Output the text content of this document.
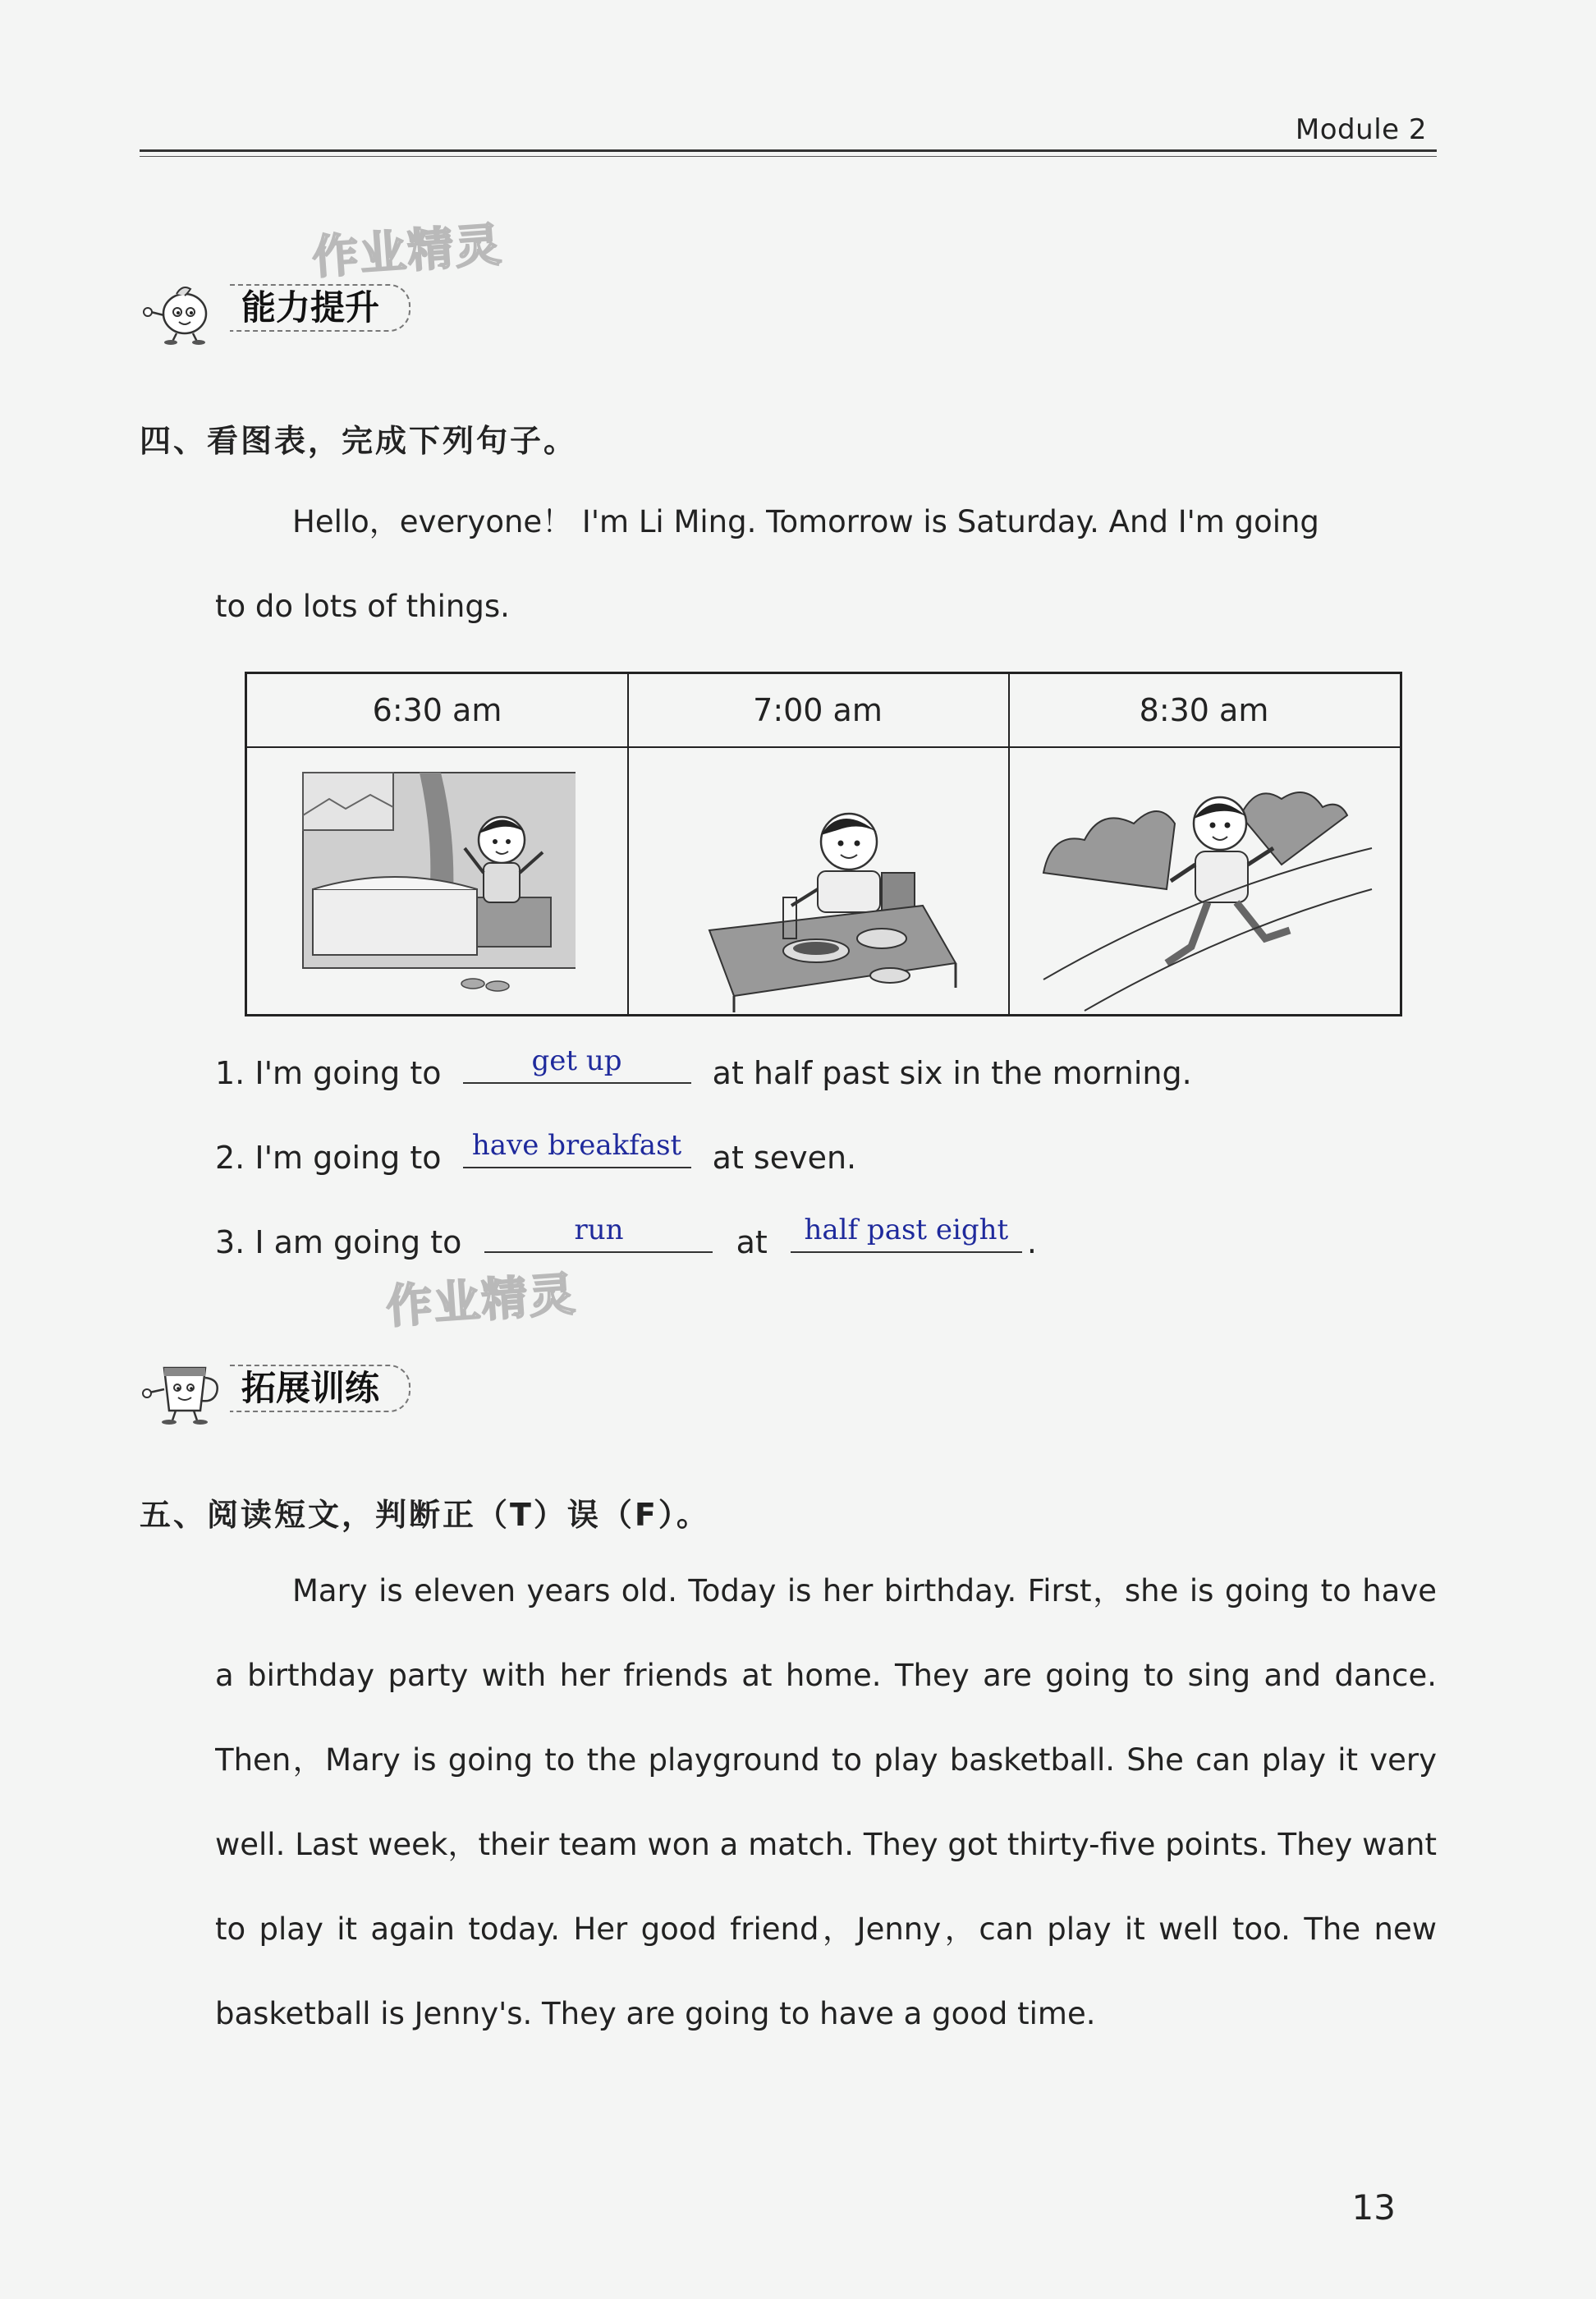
Module 2
作业精灵
作业精灵
能力提升
四、看图表，完成下列句子。
Hello，everyone！ I'm Li Ming. Tomorrow is Saturday. And I'm going
to do lots of things.
6:30 am	7:00 am	8:30 am
1. I'm going to	get up	at half past six in the morning.
2. I'm going to	have breakfast at seven.
3. I am going to	run	at	half past eight .
拓展训练
五、阅读短文，判断正（T）误（F）。
Mary is eleven years old. Today is her birthday. First，she is going to have a birthday party with her friends at home. They are going to sing and dance. Then，Mary is going to the playground to play basketball. She can play it very well. Last week，their team won a match. They got thirty-five points. They want to play it again today. Her good friend，Jenny，can play it well too. The new basketball is Jenny's. They are going to have a good time.
13
